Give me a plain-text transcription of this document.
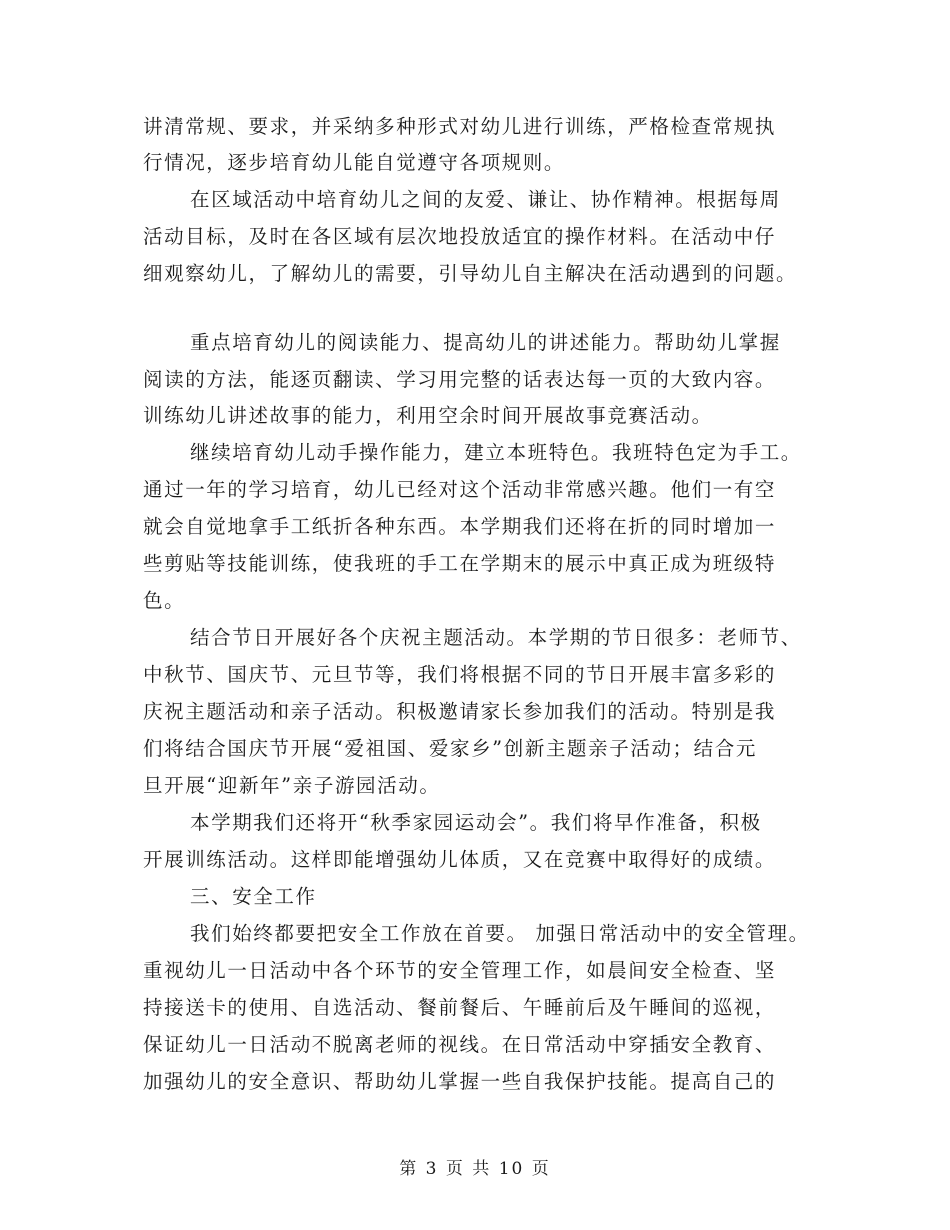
讲清常规、要求，并采纳多种形式对幼儿进行训练，严格检查常规执
行情况，逐步培育幼儿能自觉遵守各项规则。
在区域活动中培育幼儿之间的友爱、谦让、协作精神。根据每周
活动目标，及时在各区域有层次地投放适宜的操作材料。在活动中仔
细观察幼儿，了解幼儿的需要，引导幼儿自主解决在活动遇到的问题。
重点培育幼儿的阅读能力、提高幼儿的讲述能力。帮助幼儿掌握
阅读的方法，能逐页翻读、学习用完整的话表达每一页的大致内容。
训练幼儿讲述故事的能力，利用空余时间开展故事竞赛活动。
继续培育幼儿动手操作能力，建立本班特色。我班特色定为手工。
通过一年的学习培育，幼儿已经对这个活动非常感兴趣。他们一有空
就会自觉地拿手工纸折各种东西。本学期我们还将在折的同时增加一
些剪贴等技能训练，使我班的手工在学期末的展示中真正成为班级特
色。
结合节日开展好各个庆祝主题活动。本学期的节日很多：老师节、
中秋节、国庆节、元旦节等，我们将根据不同的节日开展丰富多彩的
庆祝主题活动和亲子活动。积极邀请家长参加我们的活动。特别是我
们将结合国庆节开展“爱祖国、爱家乡”创新主题亲子活动；结合元
旦开展“迎新年”亲子游园活动。
本学期我们还将开“秋季家园运动会”。我们将早作准备，积极
开展训练活动。这样即能增强幼儿体质，又在竞赛中取得好的成绩。
三、安全工作
我们始终都要把安全工作放在首要。 加强日常活动中的安全管理。
重视幼儿一日活动中各个环节的安全管理工作，如晨间安全检查、坚
持接送卡的使用、自选活动、餐前餐后、午睡前后及午睡间的巡视，
保证幼儿一日活动不脱离老师的视线。在日常活动中穿插安全教育、
加强幼儿的安全意识、帮助幼儿掌握一些自我保护技能。提高自己的
第 3 页 共 10 页
